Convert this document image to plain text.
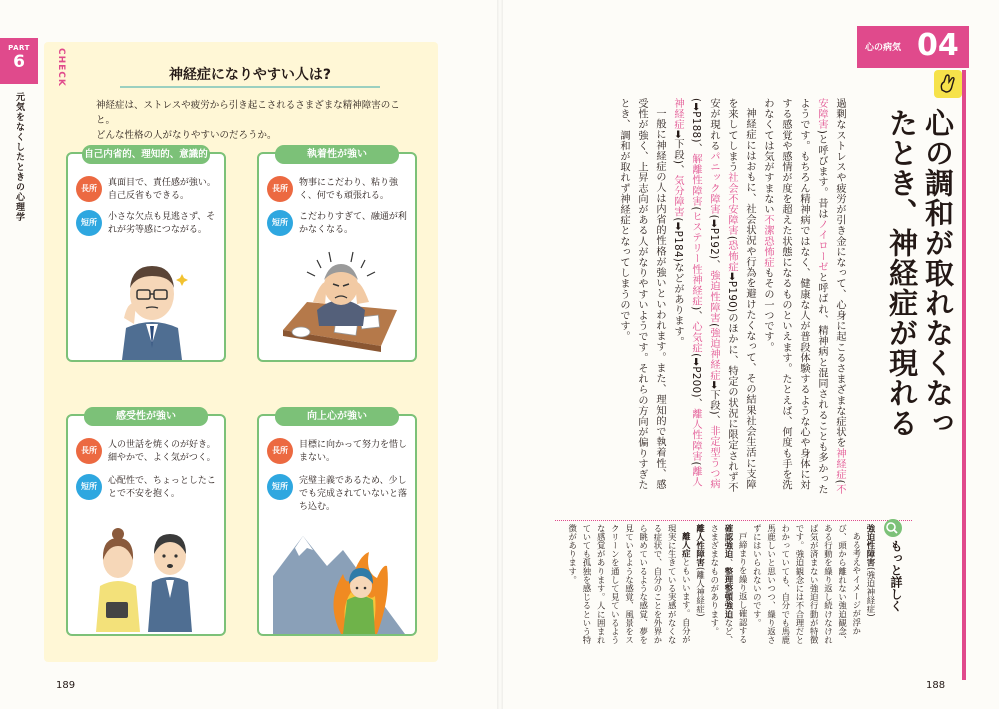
PART
6
元気をなくしたときの心理学
CHECK	神経症になりやすい人は?
神経症は、ストレスや疲労から引き起こされるさまざまな精神障害のこと。
どんな性格の人がなりやすいのだろうか。
自己内省的、理知的、意識的
長所
真面目で、責任感が強い。自己反省もできる。
短所
小さな欠点も見逃さず、それが劣等感につながる。
執着性が強い
長所
物事にこだわり、粘り強く、何でも頑張れる。
短所
こだわりすぎて、融通が利かなくなる。
感受性が強い
長所
人の世話を焼くのが好き。細やかで、よく気がつく。
短所
心配性で、ちょっとしたことで不安を抱く。
向上心が強い
長所
目標に向かって努力を惜しまない。
短所
完璧主義であるため、少しでも完成されていないと落ち込む。
189
心の病気 04
心の調和が取れなくなったとき、神経症が現れる

過剰なストレスや疲労が引き金になって、心身に起こるさまざまな症状を神経症(不安障害)と呼びます。昔はノイローゼと呼ばれ、精神病と混同されることも多かったようです。もちろん精神病ではなく、健康な人が普段体験するような心や身体に対する感覚や感情が度を超えた状態になるものといえます。たとえば、何度も手を洗わなくては気がすまない不潔恐怖症もその一つです。

神経症にはおもに、社会状況や行為を避けたくなって、その結果社会生活に支障を来してしまう社会不安障害(恐怖症➡P190)のほかに、特定の状況に限定されず不安が現れるパニック障害(➡P192)、強迫性障害(強迫神経症➡下段)、非定型うつ病(➡P188)、解離性障害(ヒステリー性神経症)、心気症(➡P200)、離人性障害(離人神経症➡下段)、気分障害(➡P184)などがあります。

一般に神経症の人は内省的性格が強いといわれます。また、理知的で執着性、感受性が強く、上昇志向がある人がなりやすいようです。それらの方向が偏りすぎたとき、調和が取れず神経症となってしまうのです。

もっと詳しく

強迫性障害(強迫神経症)

ある考えやイメージが浮かび、頭から離れない強迫観念、ある行動を繰り返し続けなければ気が済まない強迫行動が特徴です。強迫観念には不合理だとわかっていても、自分でも馬鹿馬鹿しいと思いつつ、繰り返さずにはいられないのです。

戸締まりを繰り返し確認する確認強迫、整理整頓強迫など、さまざまなものがあります。

離人性障害(離人神経症)

離人症ともいいます。自分が現実に生きている実感がなくなる症状で、自分のことを外界から眺めているような感覚、夢を見ているような感覚、風景をスクリーンを通して見ているような感覚があります。人に囲まれていても孤独を感じるという特徴があります。

188
